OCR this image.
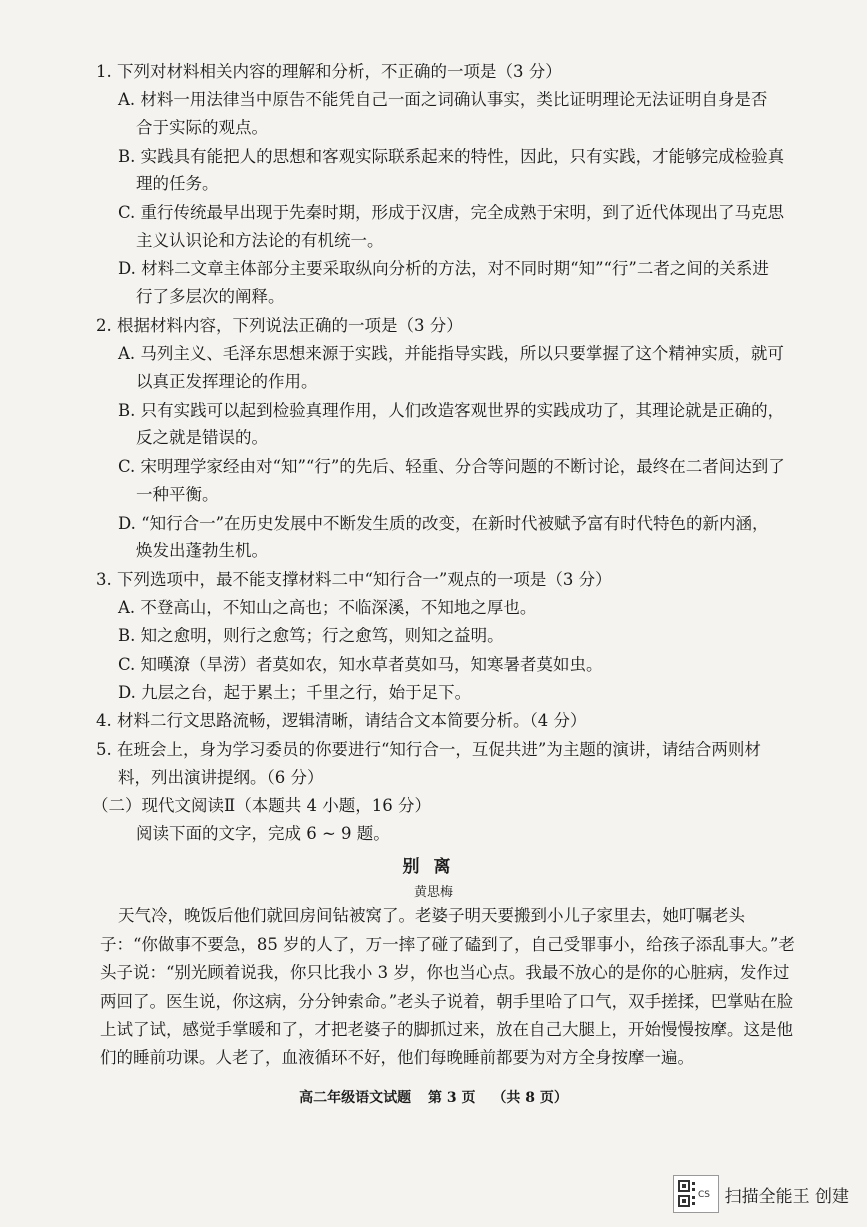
1. 下列对材料相关内容的理解和分析，不正确的一项是（3 分）
A. 材料一用法律当中原告不能凭自己一面之词确认事实，类比证明理论无法证明自身是否
合于实际的观点。
B. 实践具有能把人的思想和客观实际联系起来的特性，因此，只有实践，才能够完成检验真
理的任务。
C. 重行传统最早出现于先秦时期，形成于汉唐，完全成熟于宋明，到了近代体现出了马克思
主义认识论和方法论的有机统一。
D. 材料二文章主体部分主要采取纵向分析的方法，对不同时期“知”“行”二者之间的关系进
行了多层次的阐释。
2. 根据材料内容，下列说法正确的一项是（3 分）
A. 马列主义、毛泽东思想来源于实践，并能指导实践，所以只要掌握了这个精神实质，就可
以真正发挥理论的作用。
B. 只有实践可以起到检验真理作用，人们改造客观世界的实践成功了，其理论就是正确的，
反之就是错误的。
C. 宋明理学家经由对“知”“行”的先后、轻重、分合等问题的不断讨论，最终在二者间达到了
一种平衡。
D. “知行合一”在历史发展中不断发生质的改变，在新时代被赋予富有时代特色的新内涵，
焕发出蓬勃生机。
3. 下列选项中，最不能支撑材料二中“知行合一”观点的一项是（3 分）
A. 不登高山，不知山之高也；不临深溪，不知地之厚也。
B. 知之愈明，则行之愈笃；行之愈笃，则知之益明。
C. 知暵潦（旱涝）者莫如农，知水草者莫如马，知寒暑者莫如虫。
D. 九层之台，起于累土；千里之行，始于足下。
4. 材料二行文思路流畅，逻辑清晰，请结合文本简要分析。（4 分）
5. 在班会上，身为学习委员的你要进行“知行合一，互促共进”为主题的演讲，请结合两则材
料，列出演讲提纲。（6 分）
（二）现代文阅读Ⅱ（本题共 4 小题，16 分）
阅读下面的文字，完成 6 ~ 9 题。
别离
黄思梅
天气冷，晚饭后他们就回房间钻被窝了。老婆子明天要搬到小儿子家里去，她叮嘱老头
子：“你做事不要急，85 岁的人了，万一摔了碰了磕到了，自己受罪事小，给孩子添乱事大。”老
头子说：“别光顾着说我，你只比我小 3 岁，你也当心点。我最不放心的是你的心脏病，发作过
两回了。医生说，你这病，分分钟索命。”老头子说着，朝手里哈了口气，双手搓揉，巴掌贴在脸
上试了试，感觉手掌暖和了，才把老婆子的脚抓过来，放在自己大腿上，开始慢慢按摩。这是他
们的睡前功课。人老了，血液循环不好，他们每晚睡前都要为对方全身按摩一遍。
高二年级语文试题 第 3 页 （共 8 页）
CS 扫描全能王 创建
